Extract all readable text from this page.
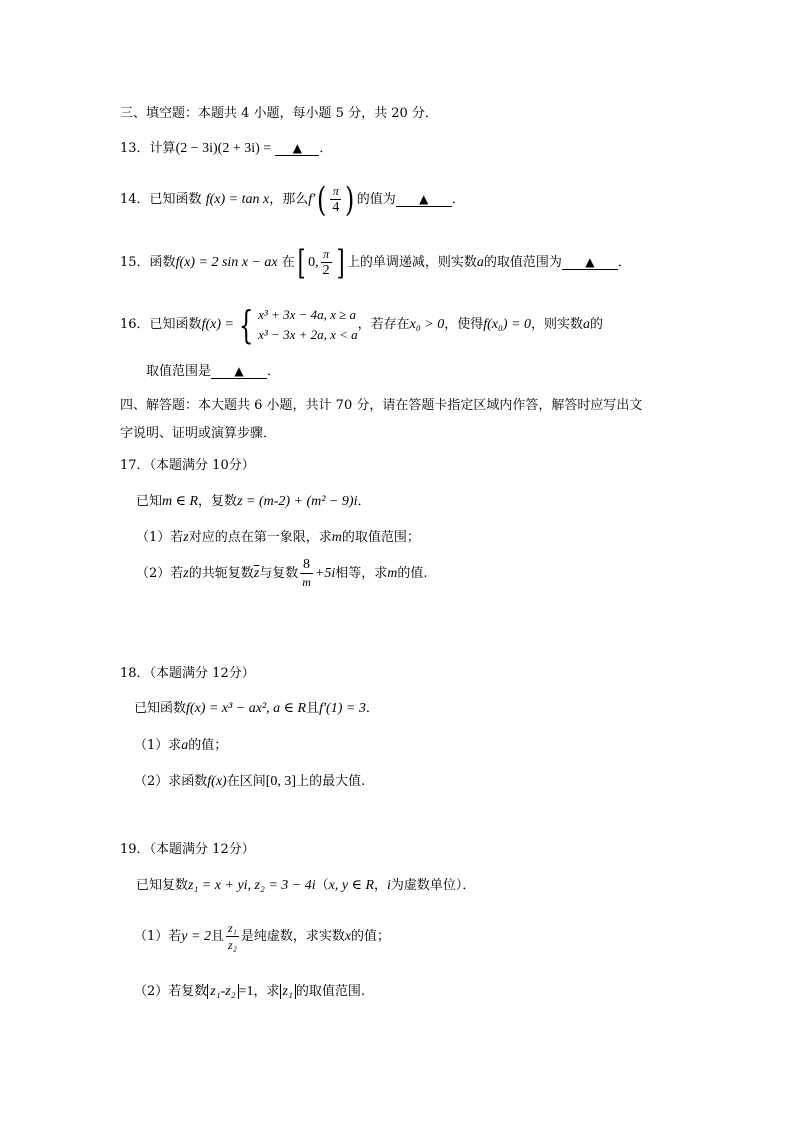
三、填空题：本题共 4 小题，每小题 5 分，共 20 分．
13．计算(2 − 3i)(2 + 3i) = ▲ ．
14．已知函数 f(x) = tan x，那么$f'( \frac{\pi}{4}$ ) 的值为 ▲ ．
15．函数f(x) = 2 sin x − ax 在[ 0, $\frac{\pi}{2}$ ] 上的单调递减，则实数a的取值范围为 ▲ ．
16．已知函数f(x) = { x³ + 3x − 4a, x ≥ a
x³ − 3x + 2a, x < a
，若存在x₀ > 0，使得f(x₀) = 0，则实数a的
取值范围是 ▲ ．
四、解答题：本大题共 6 小题，共计 70 分，请在答题卡指定区域内作答，解答时应写出文
字说明、证明或演算步骤．
17．（本题满分 10分）
已知m ∈ R，复数z = (m-2) + (m² − 9)i．
（1）若z对应的点在第一象限，求m的取值范围；
（2）若z的共轭复数$\overline{z}$与复数 $\frac{8}{m} +5i$相等，求m的值.
18．（本题满分 12分）
已知函数f(x) = x³ − ax², a ∈ R且f′(1) = 3．
（1）求a的值；
（2）求函数f(x)在区间[0, 3]上的最大值.
19．（本题满分 12分）
已知复数z₁ = x + yi, z₂ = 3 − 4i（x, y ∈ R，i为虚数单位）．
（1）若y = 2且 $\frac{\text{z₁}}{\text{z₂}}$ 是纯虚数，求实数x的值；
（2）若复数 z₁-z₂ =1，求 z₁ 的取值范围.
